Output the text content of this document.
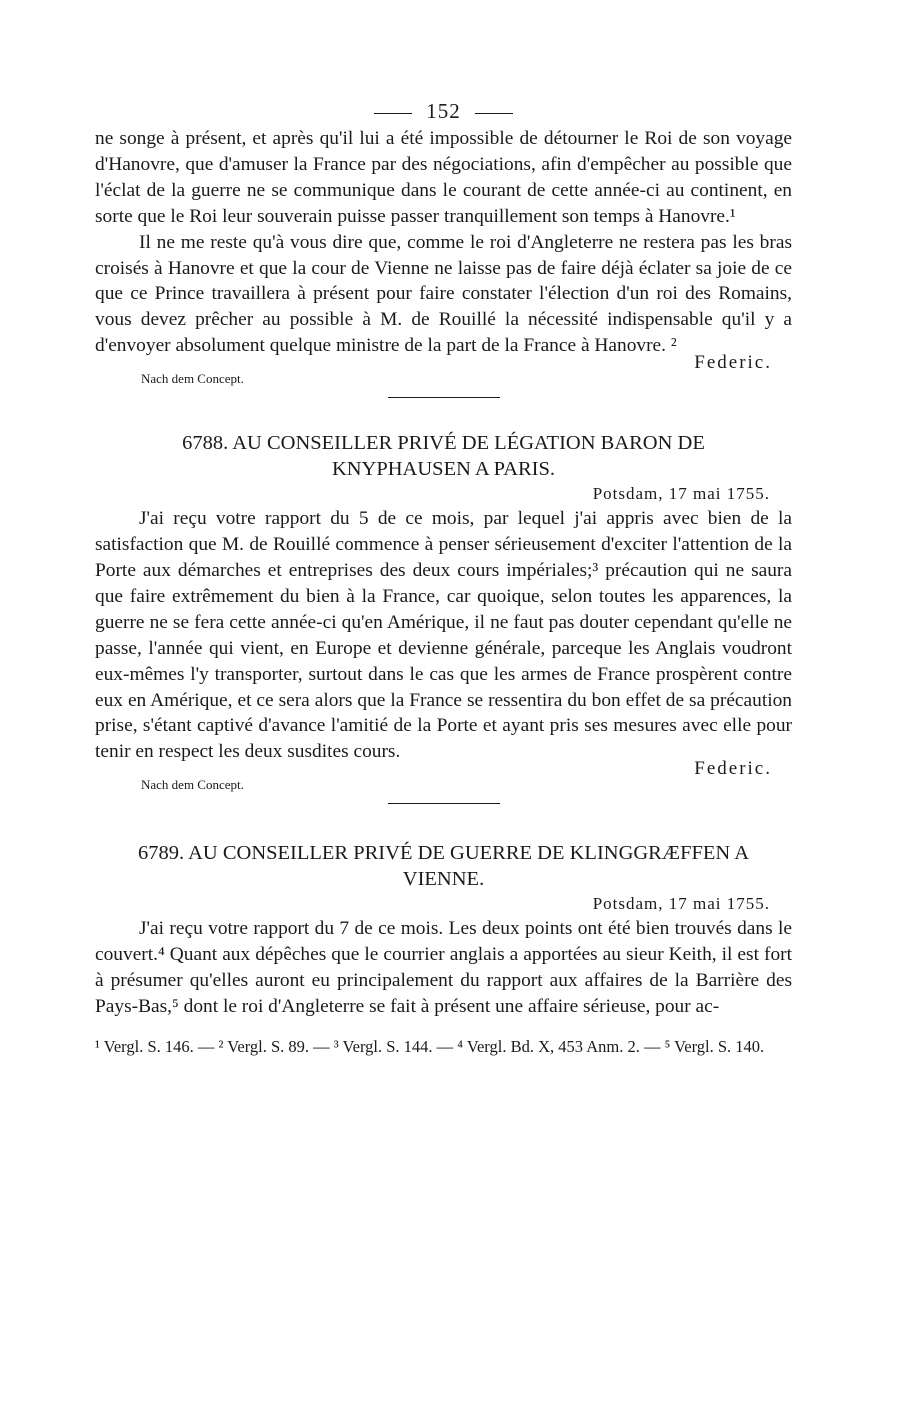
152

ne songe à présent, et après qu'il lui a été impossible de détourner le Roi de son voyage d'Hanovre, que d'amuser la France par des négociations, afin d'empêcher au possible que l'éclat de la guerre ne se communique dans le courant de cette année-ci au continent, en sorte que le Roi leur souverain puisse passer tranquillement son temps à Hanovre.¹

Il ne me reste qu'à vous dire que, comme le roi d'Angleterre ne restera pas les bras croisés à Hanovre et que la cour de Vienne ne laisse pas de faire déjà éclater sa joie de ce que ce Prince travaillera à présent pour faire constater l'élection d'un roi des Romains, vous devez prêcher au possible à M. de Rouillé la nécessité indispensable qu'il y a d'envoyer absolument quelque ministre de la part de la France à Hanovre. ²

Federic.
Nach dem Concept.
6788. AU CONSEILLER PRIVÉ DE LÉGATION BARON DE KNYPHAUSEN A PARIS.
Potsdam, 17 mai 1755.

J'ai reçu votre rapport du 5 de ce mois, par lequel j'ai appris avec bien de la satisfaction que M. de Rouillé commence à penser sérieusement d'exciter l'attention de la Porte aux démarches et entreprises des deux cours impériales;³ précaution qui ne saura que faire extrêmement du bien à la France, car quoique, selon toutes les apparences, la guerre ne se fera cette année-ci qu'en Amérique, il ne faut pas douter cependant qu'elle ne passe, l'année qui vient, en Europe et devienne générale, parceque les Anglais voudront eux-mêmes l'y transporter, surtout dans le cas que les armes de France prospèrent contre eux en Amérique, et ce sera alors que la France se ressentira du bon effet de sa précaution prise, s'étant captivé d'avance l'amitié de la Porte et ayant pris ses mesures avec elle pour tenir en respect les deux susdites cours.

Federic.
Nach dem Concept.
6789. AU CONSEILLER PRIVÉ DE GUERRE DE KLINGGRÆFFEN A VIENNE.
Potsdam, 17 mai 1755.

J'ai reçu votre rapport du 7 de ce mois. Les deux points ont été bien trouvés dans le couvert.⁴ Quant aux dépêches que le courrier anglais a apportées au sieur Keith, il est fort à présumer qu'elles auront eu principalement du rapport aux affaires de la Barrière des Pays-Bas,⁵ dont le roi d'Angleterre se fait à présent une affaire sérieuse, pour ac-

¹ Vergl. S. 146. — ² Vergl. S. 89. — ³ Vergl. S. 144. — ⁴ Vergl. Bd. X, 453 Anm. 2. — ⁵ Vergl. S. 140.
